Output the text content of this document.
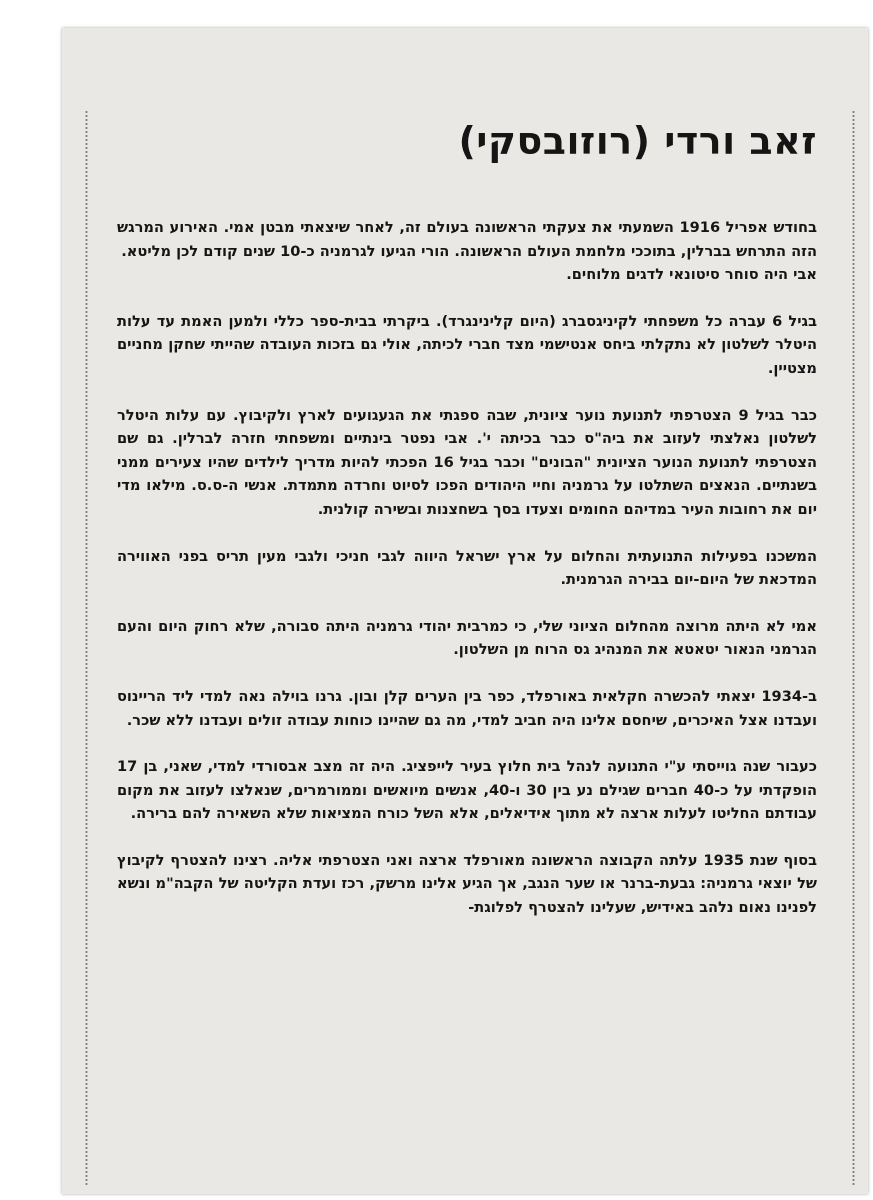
זאב ורדי (רוזובסקי)

בחודש אפריל 1916 השמעתי את צעקתי הראשונה בעולם זה, לאחר שיצאתי מבטן אמי. האירוע המרגש הזה התרחש בברלין, בתוככי מלחמת העולם הראשונה. הורי הגיעו לגרמניה כ-10 שנים קודם לכן מליטא.

אבי היה סוחר סיטונאי לדגים מלוחים.

בגיל 6 עברה כל משפחתי לקיניגסברג (היום קלינינגרד). ביקרתי בבית-ספר כללי ולמען האמת עד עלות היטלר לשלטון לא נתקלתי ביחס אנטישמי מצד חברי לכיתה, אולי גם בזכות העובדה שהייתי שחקן מחניים מצטיין.

כבר בגיל 9 הצטרפתי לתנועת נוער ציונית, שבה ספגתי את הגעגועים לארץ ולקיבוץ. עם עלות היטלר לשלטון נאלצתי לעזוב את ביה"ס כבר בכיתה י'. אבי נפטר בינתיים ומשפחתי חזרה לברלין. גם שם הצטרפתי לתנועת הנוער הציונית "הבונים" וכבר בגיל 16 הפכתי להיות מדריך לילדים שהיו צעירים ממני בשנתיים. הנאצים השתלטו על גרמניה וחיי היהודים הפכו לסיוט וחרדה מתמדת. אנשי ה-ס.ס. מילאו מדי יום את רחובות העיר במדיהם החומים וצעדו בסך בשחצנות ובשירה קולנית.

המשכנו בפעילות התנועתית והחלום על ארץ ישראל היווה לגבי חניכי ולגבי מעין תריס בפני האווירה המדכאת של היום-יום בבירה הגרמנית.

אמי לא היתה מרוצה מהחלום הציוני שלי, כי כמרבית יהודי גרמניה היתה סבורה, שלא רחוק היום והעם הגרמני הנאור יטאטא את המנהיג גס הרוח מן השלטון.

ב-1934 יצאתי להכשרה חקלאית באורפלד, כפר בין הערים קלן ובון. גרנו בוילה נאה למדי ליד הריינוס ועבדנו אצל האיכרים, שיחסם אלינו היה חביב למדי, מה גם שהיינו כוחות עבודה זולים ועבדנו ללא שכר.

כעבור שנה גוייסתי ע"י התנועה לנהל בית חלוץ בעיר לייפציג. היה זה מצב אבסורדי למדי, שאני, בן 17 הופקדתי על כ-40 חברים שגילם נע בין 30 ו-40, אנשים מיואשים וממורמרים, שנאלצו לעזוב את מקום עבודתם החליטו לעלות ארצה לא מתוך אידיאלים, אלא השל כורח המציאות שלא השאירה להם ברירה.

בסוף שנת 1935 עלתה הקבוצה הראשונה מאורפלד ארצה ואני הצטרפתי אליה. רצינו להצטרף לקיבוץ של יוצאי גרמניה: גבעת-ברנר או שער הנגב, אך הגיע אלינו מרשק, רכז ועדת הקליטה של הקבה"מ ונשא לפנינו נאום נלהב באידיש, שעלינו להצטרף לפלוגת-
